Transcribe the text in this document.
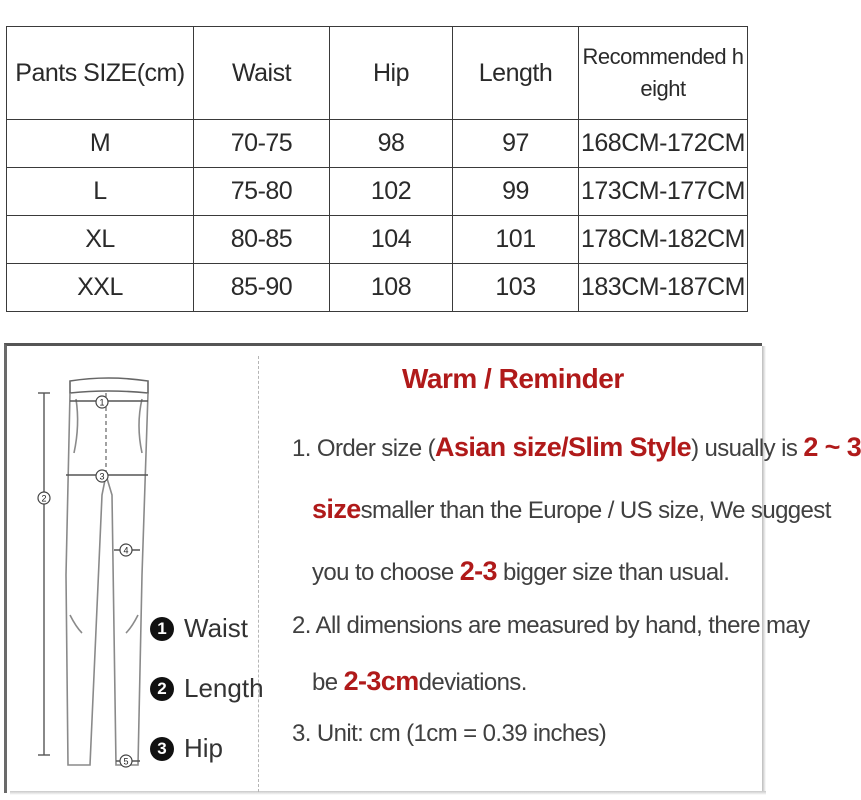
Pants SIZE(cm)	Waist	Hip	Length	Recommended height
M	70-75	98	97	168CM-172CM
L	75-80	102	99	173CM-177CM
XL	80-85	104	101	178CM-182CM
XXL	85-90	108	103	183CM-187CM
1
2
3
4
5
1 Waist
2 Length
3 Hip
Warm / Reminder
1. Order size (Asian size/Slim Style) usually is 2 ~ 3
sizesmaller than the Europe / US size, We suggest
you to choose 2-3 bigger size than usual.
2. All dimensions are measured by hand, there may
be 2-3cmdeviations.
3. Unit: cm (1cm = 0.39 inches)
